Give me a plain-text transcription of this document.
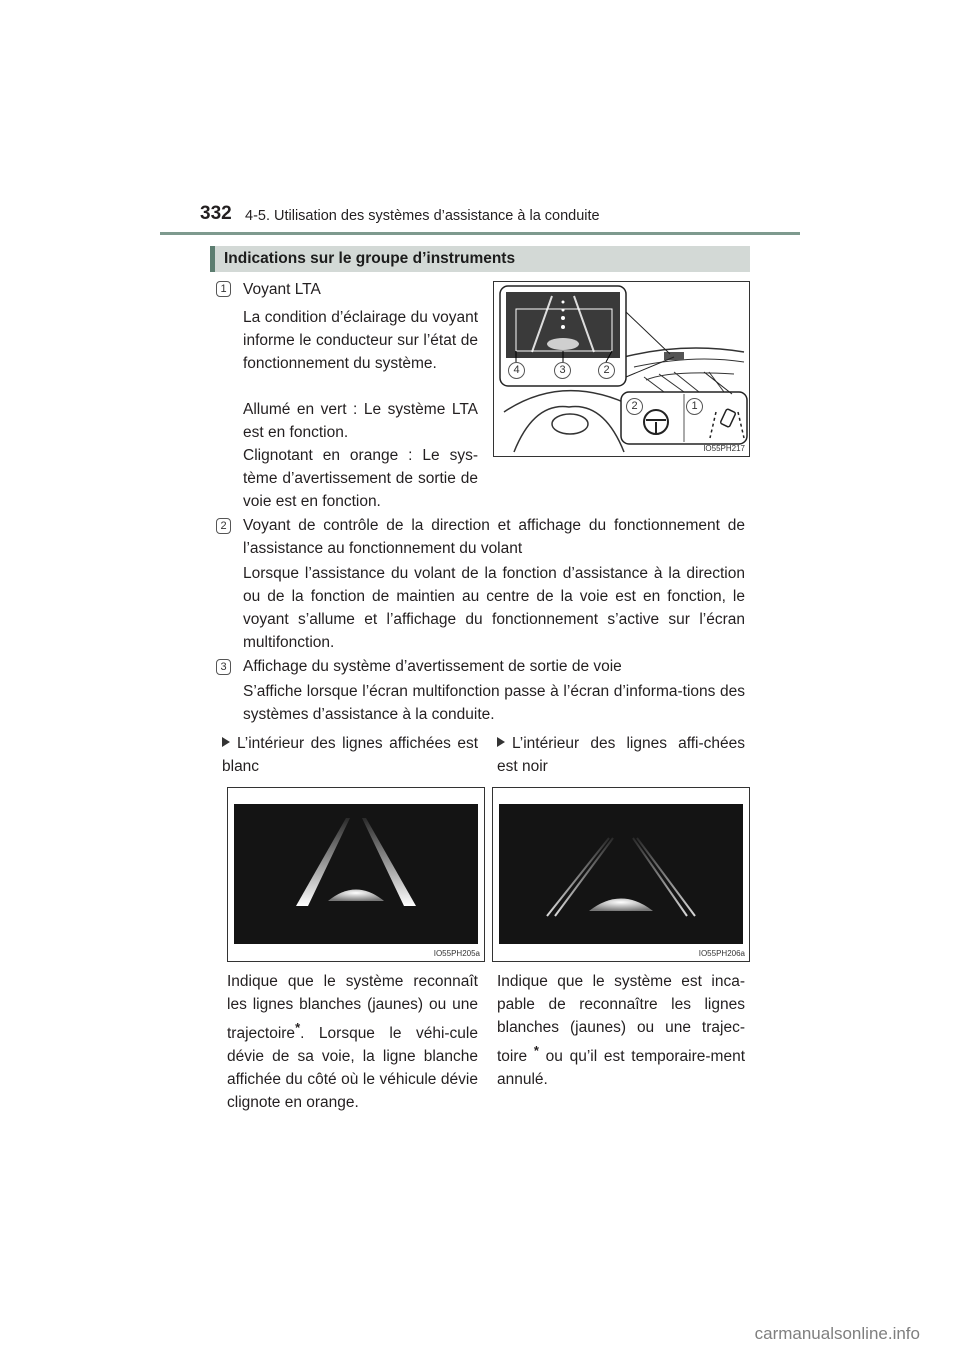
332 4-5. Utilisation des systèmes d’assistance à la conduite
Indications sur le groupe d’instruments
1 Voyant LTA
La condition d’éclairage du voyant informe le conducteur sur l’état de fonctionnement du système.
Allumé en vert : Le système LTA est en fonction.
Clignotant en orange : Le sys-tème d’avertissement de sortie de voie est en fonction.
4	3	2
2	1
IO55PH217
2 Voyant de contrôle de la direction et affichage du fonctionnement de l’assistance au fonctionnement du volant
Lorsque l’assistance du volant de la fonction d’assistance à la direction ou de la fonction de maintien au centre de la voie est en fonction, le voyant s’allume et l’affichage du fonctionnement s’active sur l’écran multifonction.
3 Affichage du système d’avertissement de sortie de voie
S’affiche lorsque l’écran multifonction passe à l’écran d’informa-tions des systèmes d’assistance à la conduite.
L’intérieur des lignes affichées est blanc
L’intérieur des lignes affi-chées est noir
IO55PH205a	IO55PH206a
Indique que le système reconnaît les lignes blanches (jaunes) ou une trajectoire*. Lorsque le véhi-cule dévie de sa voie, la ligne blanche affichée du côté où le véhicule dévie clignote en orange.
Indique que le système est inca-pable de reconnaître les lignes blanches (jaunes) ou une trajec-toire * ou qu’il est temporaire-ment annulé.
carmanualsonline.info
